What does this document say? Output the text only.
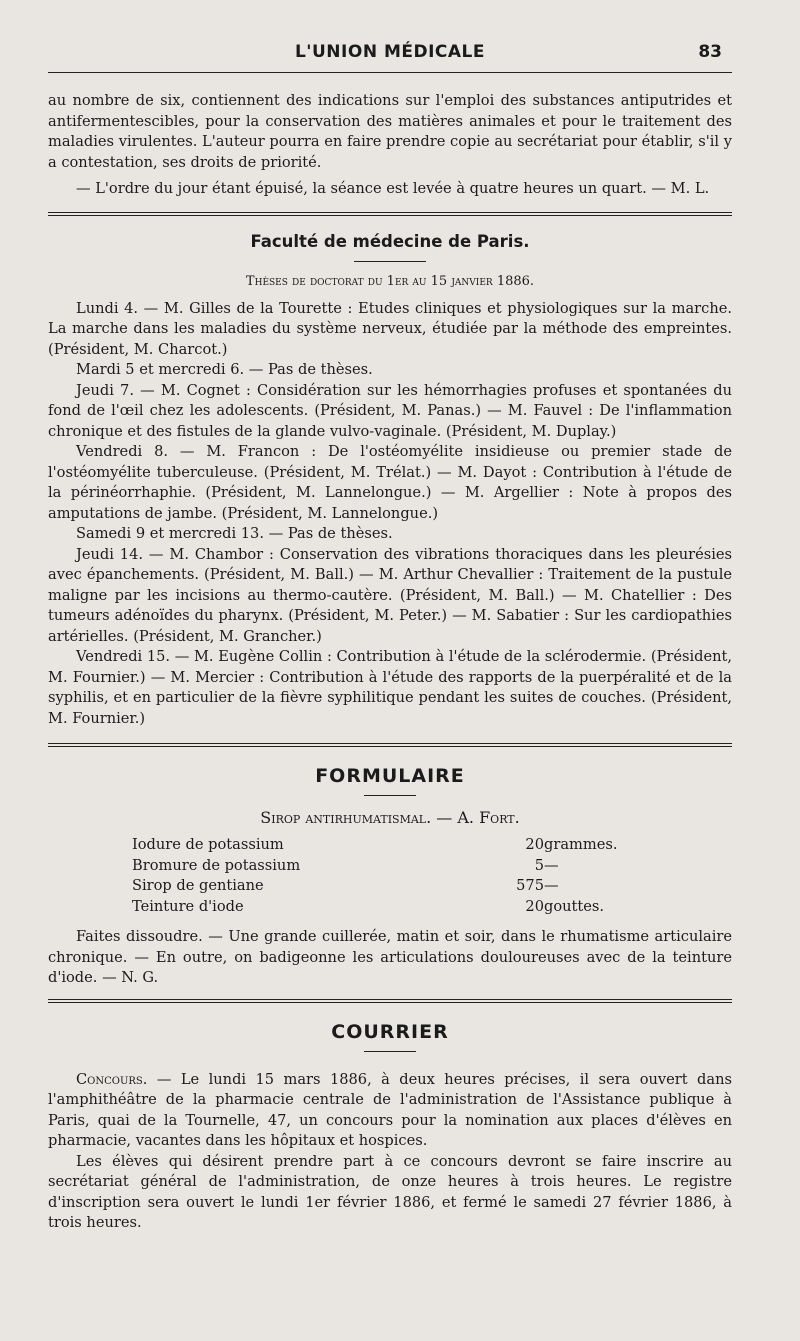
L'UNION MÉDICALE	83

au nombre de six, contiennent des indications sur l'emploi des substances antiputrides et antifermentescibles, pour la conservation des matières animales et pour le traitement des maladies virulentes. L'auteur pourra en faire prendre copie au secrétariat pour établir, s'il y a contestation, ses droits de priorité.

— L'ordre du jour étant épuisé, la séance est levée à quatre heures un quart. — M. L.

Faculté de médecine de Paris.
Thèses de doctorat du 1er au 15 janvier 1886.

Lundi 4. — M. Gilles de la Tourette : Etudes cliniques et physiologiques sur la marche. La marche dans les maladies du système nerveux, étudiée par la méthode des empreintes. (Président, M. Charcot.)

Mardi 5 et mercredi 6. — Pas de thèses.

Jeudi 7. — M. Cognet : Considération sur les hémorrhagies profuses et spontanées du fond de l'œil chez les adolescents. (Président, M. Panas.) — M. Fauvel : De l'inflammation chronique et des fistules de la glande vulvo-vaginale. (Président, M. Duplay.)

Vendredi 8. — M. Francon : De l'ostéomyélite insidieuse ou premier stade de l'ostéomyélite tuberculeuse. (Président, M. Trélat.) — M. Dayot : Contribution à l'étude de la périnéorrhaphie. (Président, M. Lannelongue.) — M. Argellier : Note à propos des amputations de jambe. (Président, M. Lannelongue.)

Samedi 9 et mercredi 13. — Pas de thèses.

Jeudi 14. — M. Chambor : Conservation des vibrations thoraciques dans les pleurésies avec épanchements. (Président, M. Ball.) — M. Arthur Chevallier : Traitement de la pustule maligne par les incisions au thermo-cautère. (Président, M. Ball.) — M. Chatellier : Des tumeurs adénoïdes du pharynx. (Président, M. Peter.) — M. Sabatier : Sur les cardiopathies artérielles. (Président, M. Grancher.)

Vendredi 15. — M. Eugène Collin : Contribution à l'étude de la sclérodermie. (Président, M. Fournier.) — M. Mercier : Contribution à l'étude des rapports de la puerpéralité et de la syphilis, et en particulier de la fièvre syphilitique pendant les suites de couches. (Président, M. Fournier.)

FORMULAIRE
Sirop antirhumatismal. — A. Fort.
Iodure de potassium	20	grammes.
Bromure de potassium	5	—
Sirop de gentiane	575	—
Teinture d'iode	20	gouttes.

Faites dissoudre. — Une grande cuillerée, matin et soir, dans le rhumatisme articulaire chronique. — En outre, on badigeonne les articulations douloureuses avec de la teinture d'iode. — N. G.

COURRIER

Concours. — Le lundi 15 mars 1886, à deux heures précises, il sera ouvert dans l'amphithéâtre de la pharmacie centrale de l'administration de l'Assistance publique à Paris, quai de la Tournelle, 47, un concours pour la nomination aux places d'élèves en pharmacie, vacantes dans les hôpitaux et hospices.

Les élèves qui désirent prendre part à ce concours devront se faire inscrire au secrétariat général de l'administration, de onze heures à trois heures. Le registre d'inscription sera ouvert le lundi 1er février 1886, et fermé le samedi 27 février 1886, à trois heures.
